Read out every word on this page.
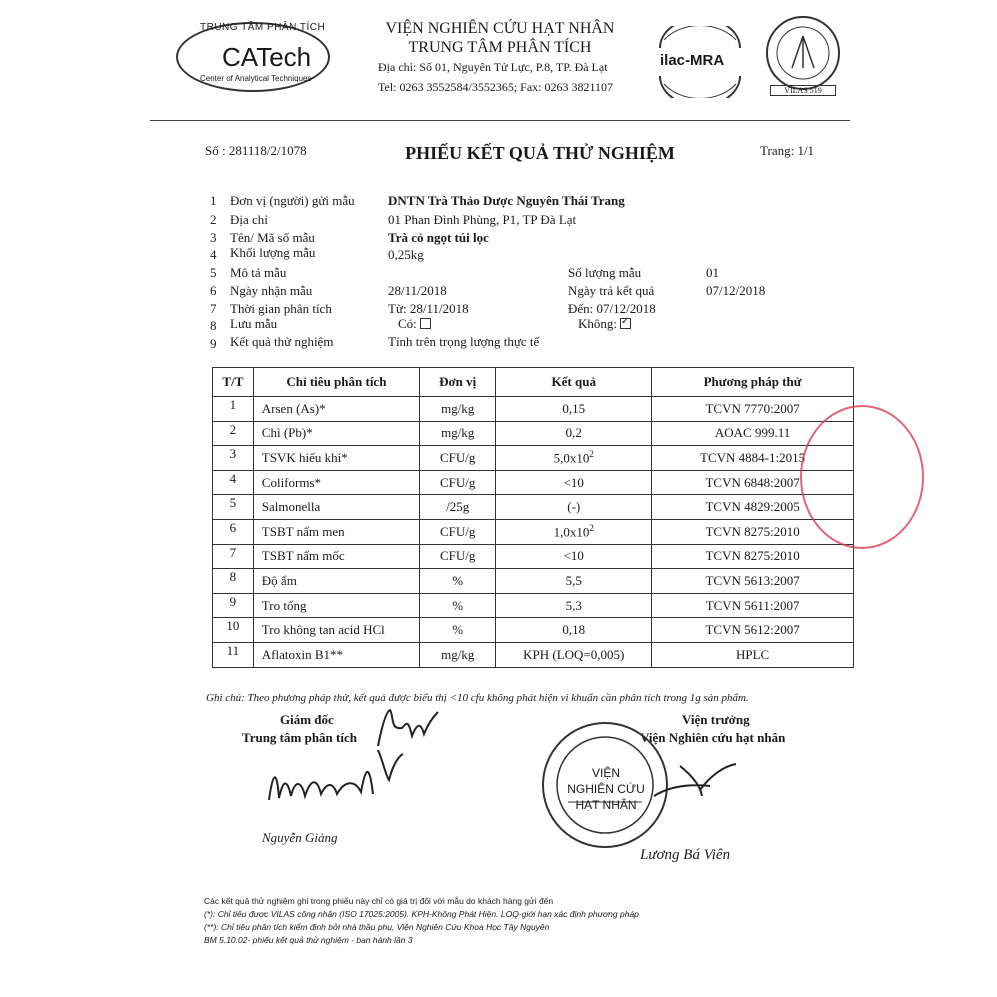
TRUNG TÂM PHÂN TÍCH
CATech
Center of Analytical Techniques
VIỆN NGHIÊN CỨU HẠT NHÂN
TRUNG TÂM PHÂN TÍCH
Địa chỉ: Số 01, Nguyên Tử Lực, P.8, TP. Đà Lạt
Tel: 0263 3552584/3552365; Fax: 0263 3821107
ilac-MRA
VILAS 519
Số : 281118/2/1078	PHIẾU KẾT QUẢ THỬ NGHIỆM	Trang: 1/1
1 Đơn vị (người) gửi mẫu	DNTN Trà Thảo Dược Nguyên Thái Trang
2 Địa chỉ	01 Phan Đình Phùng, P1, TP Đà Lạt
3 Tên/ Mã số mẫu	Trà cỏ ngọt túi lọc
4 Khối lượng mẫu	0,25kg
5 Mô tả mẫu	Số lượng mẫu	01
6 Ngày nhận mẫu	28/11/2018	Ngày trả kết quả	07/12/2018
7 Thời gian phân tích	Từ: 28/11/2018	Đến: 07/12/2018
8 Lưu mẫu	Có:	Không:✓
9 Kết quả thử nghiệm	Tính trên trọng lượng thực tế
T/T	Chỉ tiêu phân tích	Đơn vị	Kết quả	Phương pháp thử
1	Arsen (As)*	mg/kg	0,15	TCVN 7770:2007
2	Chì (Pb)*	mg/kg	0,2	AOAC 999.11
3	TSVK hiếu khí*	CFU/g	$5,0x10^2$	TCVN 4884-1:2015
4	Coliforms*	CFU/g	<10	TCVN 6848:2007
5	Salmonella	/25g	(-)	TCVN 4829:2005
6	TSBT nấm men	CFU/g	$1,0x10^2$	TCVN 8275:2010
7	TSBT nấm mốc	CFU/g	<10	TCVN 8275:2010
8	Độ ẩm	%	5,5	TCVN 5613:2007
9	Tro tổng	%	5,3	TCVN 5611:2007
10	Tro không tan acid HCl	%	0,18	TCVN 5612:2007
11	Aflatoxin B1**	mg/kg	KPH (LOQ=0,005)	HPLC
Ghi chú: Theo phương pháp thử, kết quả được biểu thị <10 cfu không phát hiện vi khuẩn cần phân tích trong 1g sản phẩm.
Giám đốc
Trung tâm phân tích
Viện trưởng
Viện Nghiên cứu hạt nhân
Nguyễn Giảng
VIỆN
NGHIÊN CỨU
HẠT NHÂN
Lương Bá Viên
Các kết quả thử nghiệm ghi trong phiếu này chỉ có giá trị đối với mẫu do khách hàng gửi đến
(*): Chỉ tiêu được VILAS công nhận (ISO 17025:2005). KPH-Không Phát Hiện. LOQ-giới hạn xác định phương pháp
(**): Chỉ tiêu phân tích kiểm định bởi nhà thầu phụ, Viện Nghiên Cứu Khoa Học Tây Nguyên
BM 5.10.02- phiếu kết quả thử nghiệm - ban hành lần 3
